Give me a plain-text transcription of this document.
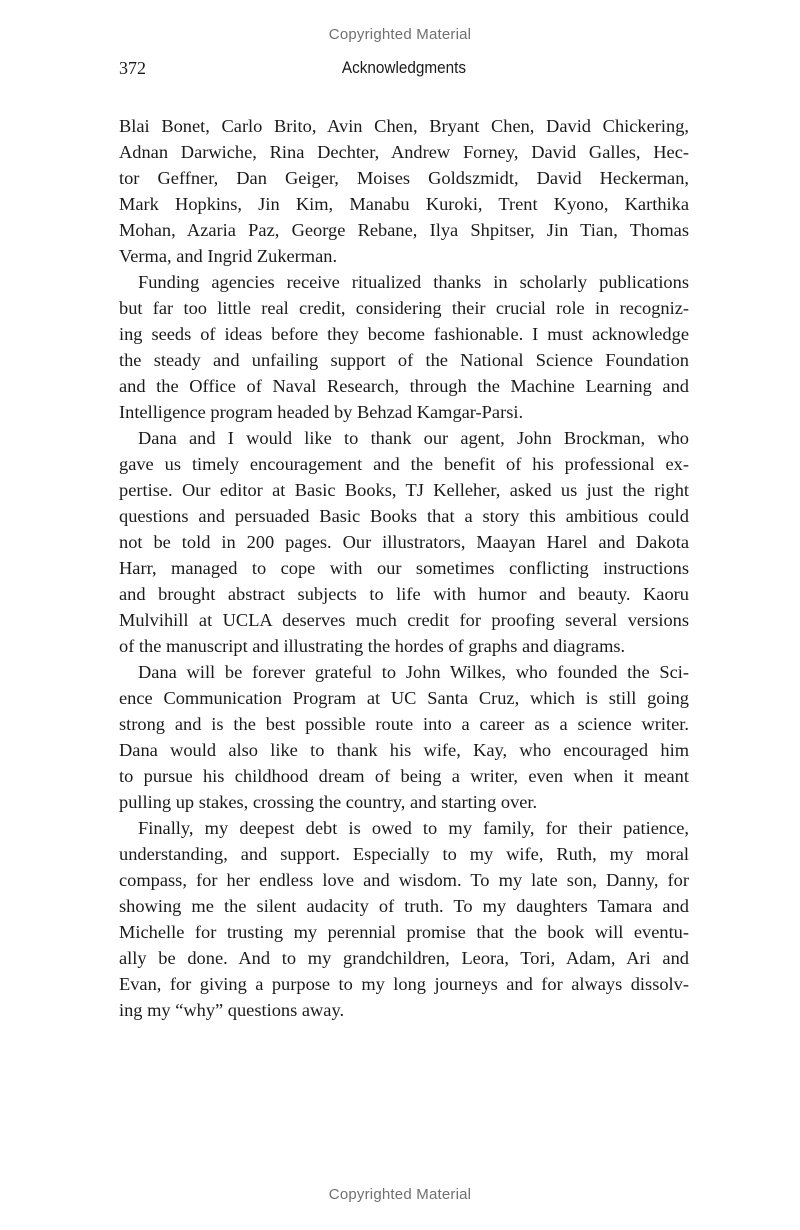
Copyrighted Material
372	Acknowledgments
Blai Bonet, Carlo Brito, Avin Chen, Bryant Chen, David Chickering,
Adnan Darwiche, Rina Dechter, Andrew Forney, David Galles, Hec-
tor Geffner, Dan Geiger, Moises Goldszmidt, David Heckerman,
Mark Hopkins, Jin Kim, Manabu Kuroki, Trent Kyono, Karthika
Mohan, Azaria Paz, George Rebane, Ilya Shpitser, Jin Tian, Thomas
Verma, and Ingrid Zukerman.
Funding agencies receive ritualized thanks in scholarly publications
but far too little real credit, considering their crucial role in recogniz-
ing seeds of ideas before they become fashionable. I must acknowledge
the steady and unfailing support of the National Science Foundation
and the Office of Naval Research, through the Machine Learning and
Intelligence program headed by Behzad Kamgar-Parsi.
Dana and I would like to thank our agent, John Brockman, who
gave us timely encouragement and the benefit of his professional ex-
pertise. Our editor at Basic Books, TJ Kelleher, asked us just the right
questions and persuaded Basic Books that a story this ambitious could
not be told in 200 pages. Our illustrators, Maayan Harel and Dakota
Harr, managed to cope with our sometimes conflicting instructions
and brought abstract subjects to life with humor and beauty. Kaoru
Mulvihill at UCLA deserves much credit for proofing several versions
of the manuscript and illustrating the hordes of graphs and diagrams.
Dana will be forever grateful to John Wilkes, who founded the Sci-
ence Communication Program at UC Santa Cruz, which is still going
strong and is the best possible route into a career as a science writer.
Dana would also like to thank his wife, Kay, who encouraged him
to pursue his childhood dream of being a writer, even when it meant
pulling up stakes, crossing the country, and starting over.
Finally, my deepest debt is owed to my family, for their patience,
understanding, and support. Especially to my wife, Ruth, my moral
compass, for her endless love and wisdom. To my late son, Danny, for
showing me the silent audacity of truth. To my daughters Tamara and
Michelle for trusting my perennial promise that the book will eventu-
ally be done. And to my grandchildren, Leora, Tori, Adam, Ari and
Evan, for giving a purpose to my long journeys and for always dissolv-
ing my “why” questions away.
Copyrighted Material
